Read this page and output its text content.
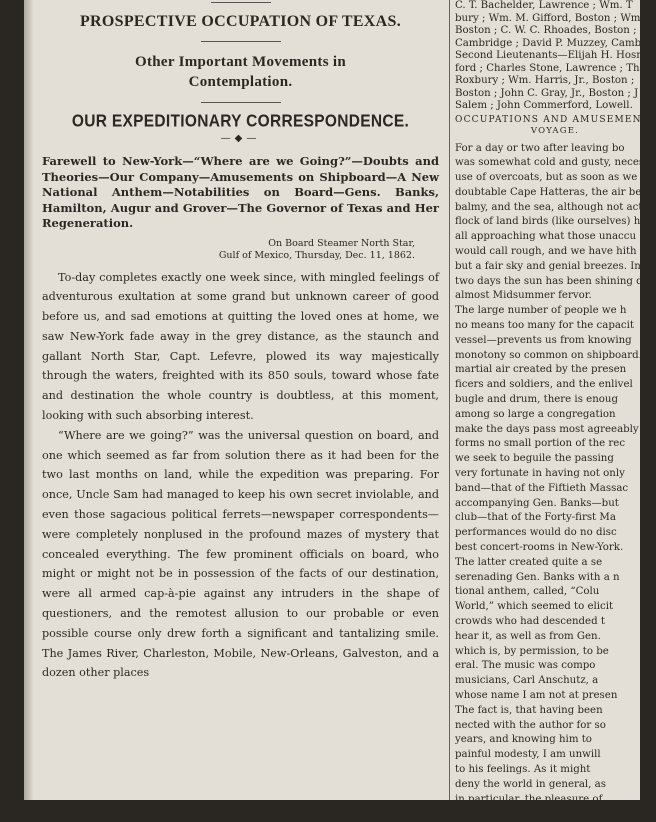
PROSPECTIVE OCCUPATION OF TEXAS.
Other Important Movements in
Contemplation.
OUR EXPEDITIONARY CORRESPONDENCE.
—◆—
Farewell to New-York—“Where are we Going?”—Doubts and Theories—Our Company—Amusements on Shipboard—A New National Anthem—Notabilities on Board—Gens. Banks, Hamilton, Augur and Grover—The Governor of Texas and Her Regeneration.
On Board Steamer North Star,
Gulf of Mexico, Thursday, Dec. 11, 1862.

To-day completes exactly one week since, with mingled feelings of adventurous exultation at some grand but unknown career of good before us, and sad emotions at quitting the loved ones at home, we saw New-York fade away in the grey distance, as the staunch and gallant North Star, Capt. Lefevre, plowed its way majestically through the waters, freighted with its 850 souls, toward whose fate and destination the whole country is doubtless, at this moment, looking with such absorbing interest.

“Where are we going?” was the universal question on board, and one which seemed as far from solution there as it had been for the two last months on land, while the expedition was preparing. For once, Uncle Sam had managed to keep his own secret inviolable, and even those sagacious political ferrets—newspaper correspondents—were completely nonplused in the profound mazes of mystery that concealed everything. The few prominent officials on board, who might or might not be in possession of the facts of our destination, were all armed cap-à-pie against any intruders in the shape of questioners, and the remotest allusion to our probable or even possible course only drew forth a significant and tantalizing smile. The James River, Charleston, Mobile, New-Orleans, Galveston, and a dozen other places

C. T. Bachelder, Lawrence ; Wm. T
bury ; Wm. M. Gifford, Boston ; Wm
Boston ; C. W. C. Rhoades, Boston ;
Cambridge ; David P. Muzzey, Camb
Second Lieutenants—Elijah H. Hosm
ford ; Charles Stone, Lawrence ; Th
Roxbury ; Wm. Harris, Jr., Boston ;
Boston ; John C. Gray, Jr., Boston ; J
Salem ; John Commerford, Lowell.
OCCUPATIONS AND AMUSEMENTS
VOYAGE.
For a day or two after leaving bo
was somewhat cold and gusty, neces
use of overcoats, but as soon as we h
doubtable Cape Hatteras, the air be
balmy, and the sea, although not act
flock of land birds (like ourselves) ha
all approaching what those unaccu
would call rough, and we have hith
but a fair sky and genial breezes. In
two days the sun has been shining d
almost Midsummer fervor.
The large number of people we h
no means too many for the capacit
vessel—prevents us from knowing
monotony so common on shipboard.
martial air created by the presen
ficers and soldiers, and the enlivel
bugle and drum, there is enoug
among so large a congregation
make the days pass most agreeably
forms no small portion of the rec
we seek to beguile the passing
very fortunate in having not only
band—that of the Fiftieth Massac
accompanying Gen. Banks—but
club—that of the Forty-first Ma
performances would do no disc
best concert-rooms in New-York.
The latter created quite a se
serenading Gen. Banks with a n
tional anthem, called, “Colu
World,” which seemed to elicit
crowds who had descended t
hear it, as well as from Gen.
which is, by permission, to be
eral. The music was compo
musicians, Carl Anschutz, a
whose name I am not at presen
The fact is, that having been
nected with the author for so
years, and knowing him to
painful modesty, I am unwill
to his feelings. As it might
deny the world in general, as
in particular, the pleasure of
aspirant to public favor, I th
